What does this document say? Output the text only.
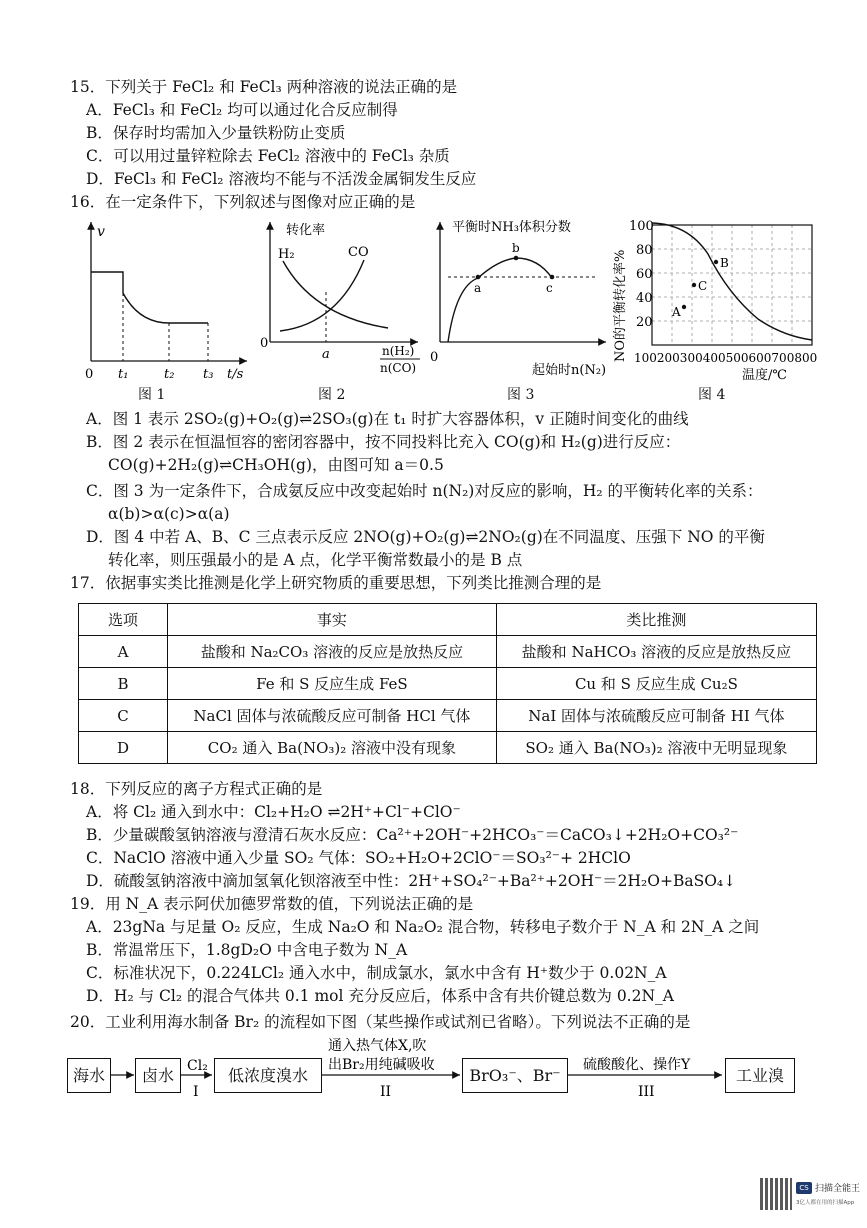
15．下列关于 FeCl₂ 和 FeCl₃ 两种溶液的说法正确的是
A．FeCl₃ 和 FeCl₂ 均可以通过化合反应制得
B．保存时均需加入少量铁粉防止变质
C．可以用过量锌粒除去 FeCl₂ 溶液中的 FeCl₃ 杂质
D．FeCl₃ 和 FeCl₂ 溶液均不能与不活泼金属铜发生反应
16．在一定条件下，下列叙述与图像对应正确的是
v
0 t₁	t₂ t₃ t/s
图 1
转化率
H₂	CO
a
0	n(H₂)
n(CO)
图 2
平衡时NH₃体积分数
a
b
c
0
起始时n(N₂)
图 3
A
B
C
100
80
60
40
20
NO的平衡转化率% 100200300400500600700800
温度/℃
图 4
A．图 1 表示 2SO₂(g)+O₂(g)⇌2SO₃(g)在 t₁ 时扩大容器体积，v 正随时间变化的曲线
B．图 2 表示在恒温恒容的密闭容器中，按不同投料比充入 CO(g)和 H₂(g)进行反应：
CO(g)+2H₂(g)⇌CH₃OH(g)，由图可知 a＝0.5
C．图 3 为一定条件下，合成氨反应中改变起始时 n(N₂)对反应的影响，H₂ 的平衡转化率的关系：
α(b)>α(c)>α(a)
D．图 4 中若 A、B、C 三点表示反应 2NO(g)+O₂(g)⇌2NO₂(g)在不同温度、压强下 NO 的平衡
转化率，则压强最小的是 A 点，化学平衡常数最小的是 B 点
17．依据事实类比推测是化学上研究物质的重要思想，下列类比推测合理的是
选项	事实	类比推测
A	盐酸和 Na₂CO₃ 溶液的反应是放热反应	盐酸和 NaHCO₃ 溶液的反应是放热反应
B	Fe 和 S 反应生成 FeS	Cu 和 S 反应生成 Cu₂S
C	NaCl 固体与浓硫酸反应可制备 HCl 气体	NaI 固体与浓硫酸反应可制备 HI 气体
D	CO₂ 通入 Ba(NO₃)₂ 溶液中没有现象	SO₂ 通入 Ba(NO₃)₂ 溶液中无明显现象
18．下列反应的离子方程式正确的是
A．将 Cl₂ 通入到水中：Cl₂+H₂O ⇌2H⁺+Cl⁻+ClO⁻
B．少量碳酸氢钠溶液与澄清石灰水反应：Ca²⁺+2OH⁻+2HCO₃⁻＝CaCO₃↓+2H₂O+CO₃²⁻
C．NaClO 溶液中通入少量 SO₂ 气体：SO₂+H₂O+2ClO⁻＝SO₃²⁻+ 2HClO
D．硫酸氢钠溶液中滴加氢氧化钡溶液至中性：2H⁺+SO₄²⁻+Ba²⁺+2OH⁻＝2H₂O+BaSO₄↓
19．用 N_A 表示阿伏加德罗常数的值，下列说法正确的是
A．23gNa 与足量 O₂ 反应，生成 Na₂O 和 Na₂O₂ 混合物，转移电子数介于 N_A 和 2N_A 之间
B．常温常压下，1.8gD₂O 中含电子数为 N_A
C．标准状况下，0.224LCl₂ 通入水中，制成氯水，氯水中含有 H⁺数少于 0.02N_A
D．H₂ 与 Cl₂ 的混合气体共 0.1 mol 充分反应后，体系中含有共价键总数为 0.2N_A
20．工业利用海水制备 Br₂ 的流程如下图（某些操作或试剂已省略）。下列说法不正确的是
Cl₂
I
通入热气体X,吹
出Br₂用纯碱吸收
II
硫酸酸化、操作Y
III
海水	卤水	低浓度溴水	BrO₃⁻、Br⁻	工业溴
CS 扫描全能王
3亿人都在用的扫描App
